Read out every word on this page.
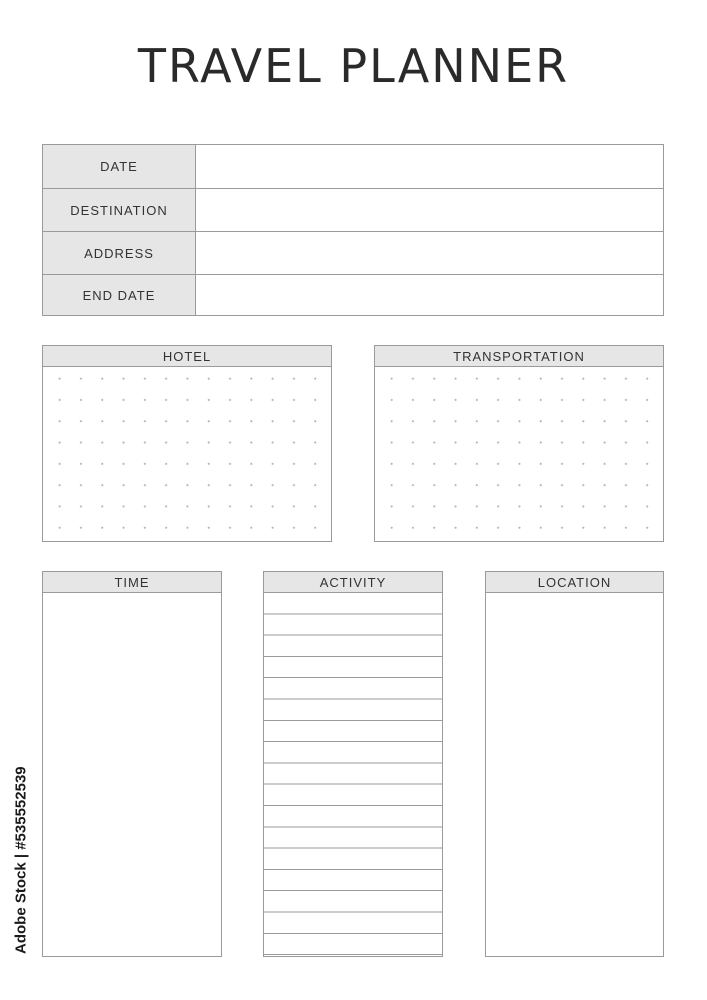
TRAVEL PLANNER
DATE
DESTINATION
ADDRESS
END DATE
HOTEL	TRANSPORTATION
TIME	ACTIVITY	LOCATION
Adobe Stock | #535552539
